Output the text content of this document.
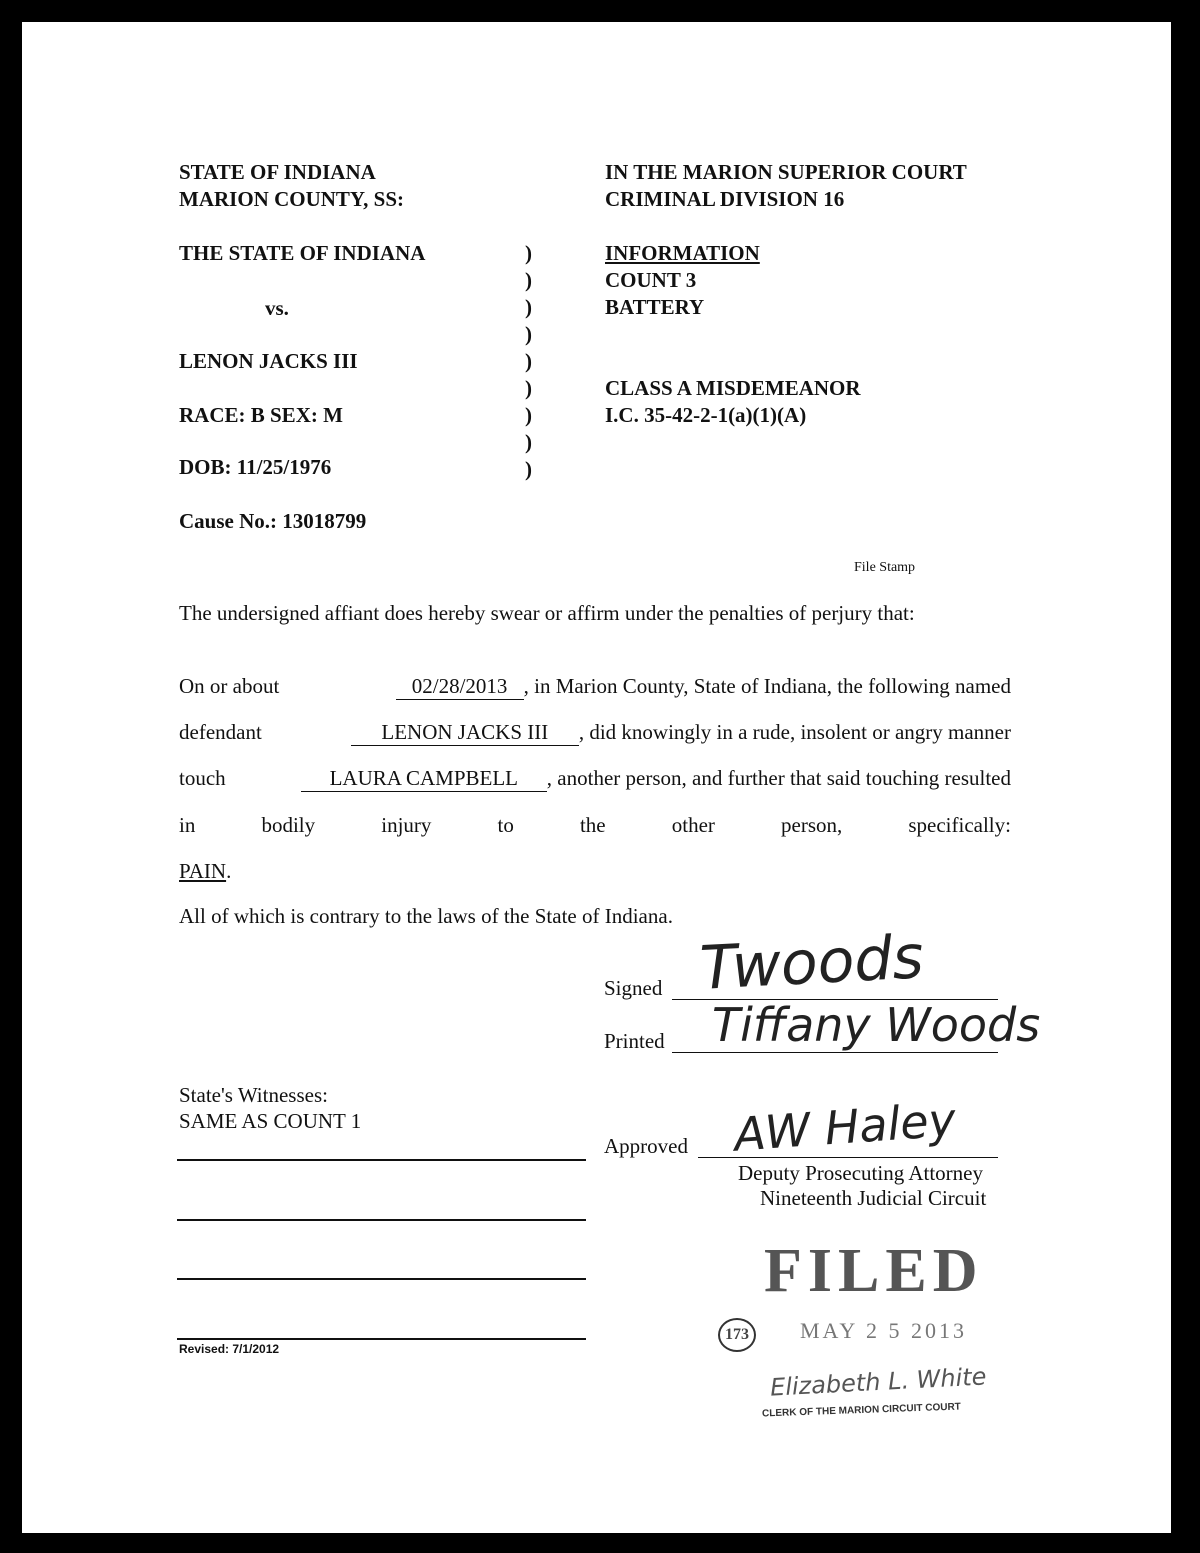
STATE OF INDIANA
MARION COUNTY, SS:
IN THE MARION SUPERIOR COURT
CRIMINAL DIVISION 16
THE STATE OF INDIANA
vs.
LENON JACKS III
RACE: B SEX: M
DOB: 11/25/1976
Cause No.: 13018799
)
)
)
)
)
)
)
)
)
INFORMATION
COUNT 3
BATTERY
CLASS A MISDEMEANOR
I.C. 35-42-2-1(a)(1)(A)
File Stamp
The undersigned affiant does hereby swear or affirm under the penalties of perjury that:
On or about	02/28/2013 , in Marion County, State of Indiana, the following named
defendant	LENON JACKS III , did knowingly in a rude, insolent or angry manner
touch	LAURA CAMPBELL , another person, and further that said touching resulted
in	bodily	injury	to	the	other	person,	specifically:
PAIN.
All of which is contrary to the laws of the State of Indiana.
Signed Twoods
Printed Tiffany Woods
Approved AW Haley
Deputy Prosecuting Attorney
Nineteenth Judicial Circuit
State's Witnesses:
SAME AS COUNT 1
Revised: 7/1/2012
FILED
173	MAY 2 5 2013
Elizabeth L. White
CLERK OF THE MARION CIRCUIT COURT
